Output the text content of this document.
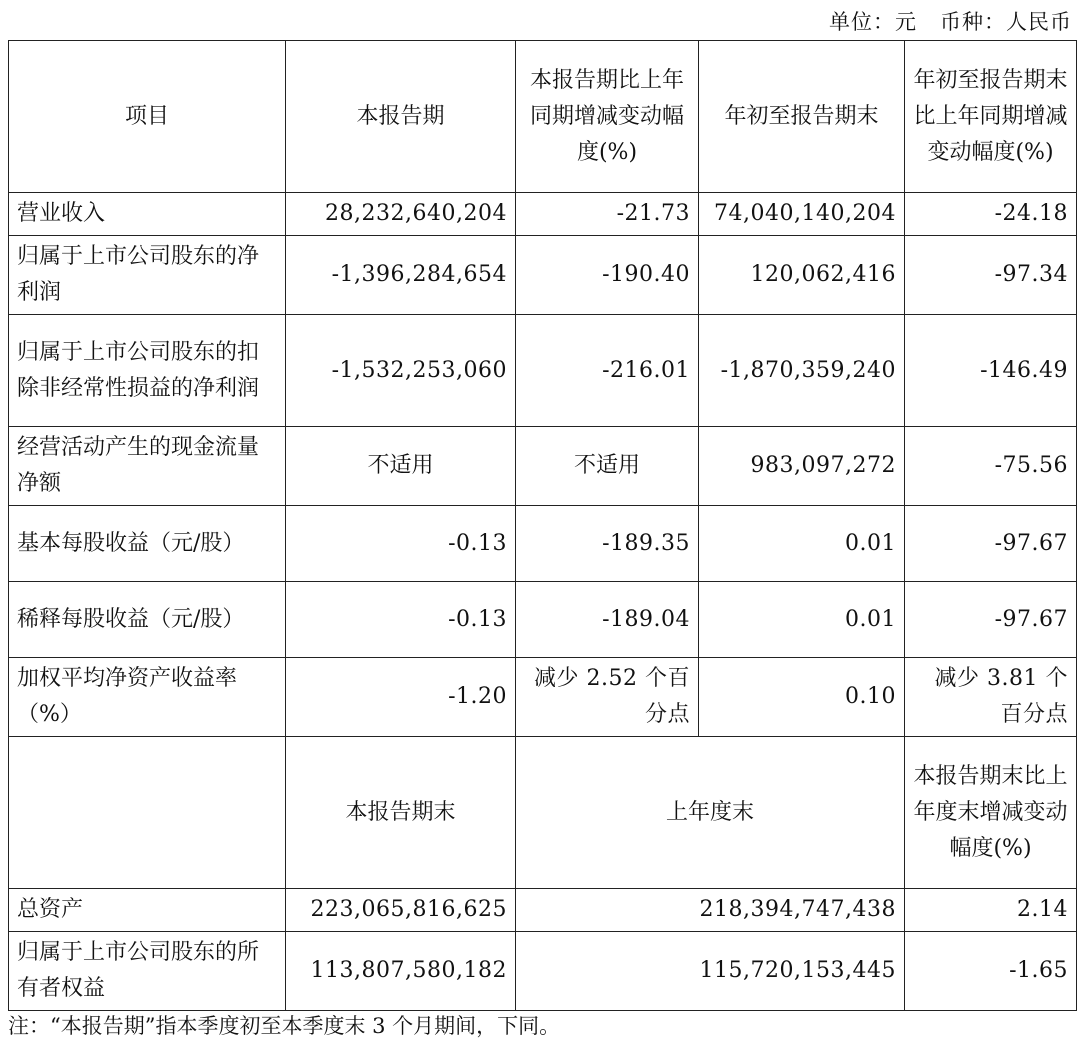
单位：元   币种：人民币
项目	本报告期	本报告期比上年同期增减变动幅度(%)	年初至报告期末	年初至报告期末比上年同期增减变动幅度(%)
营业收入	28,232,640,204	-21.73	74,040,140,204	-24.18
归属于上市公司股东的净利润	-1,396,284,654	-190.40	120,062,416	-97.34
归属于上市公司股东的扣除非经常性损益的净利润	-1,532,253,060	-216.01	-1,870,359,240	-146.49
经营活动产生的现金流量净额	不适用	不适用	983,097,272	-75.56
基本每股收益（元/股）	-0.13	-189.35	0.01	-97.67
稀释每股收益（元/股）	-0.13	-189.04	0.01	-97.67
加权平均净资产收益率（%）	-1.20	减少 2.52 个百分点	0.10	减少 3.81 个百分点
	本报告期末	上年度末		本报告期末比上年度末增减变动幅度(%)
总资产	223,065,816,625	218,394,747,438		2.14
归属于上市公司股东的所有者权益	113,807,580,182	115,720,153,445		-1.65
注：“本报告期”指本季度初至本季度末 3 个月期间，下同。
